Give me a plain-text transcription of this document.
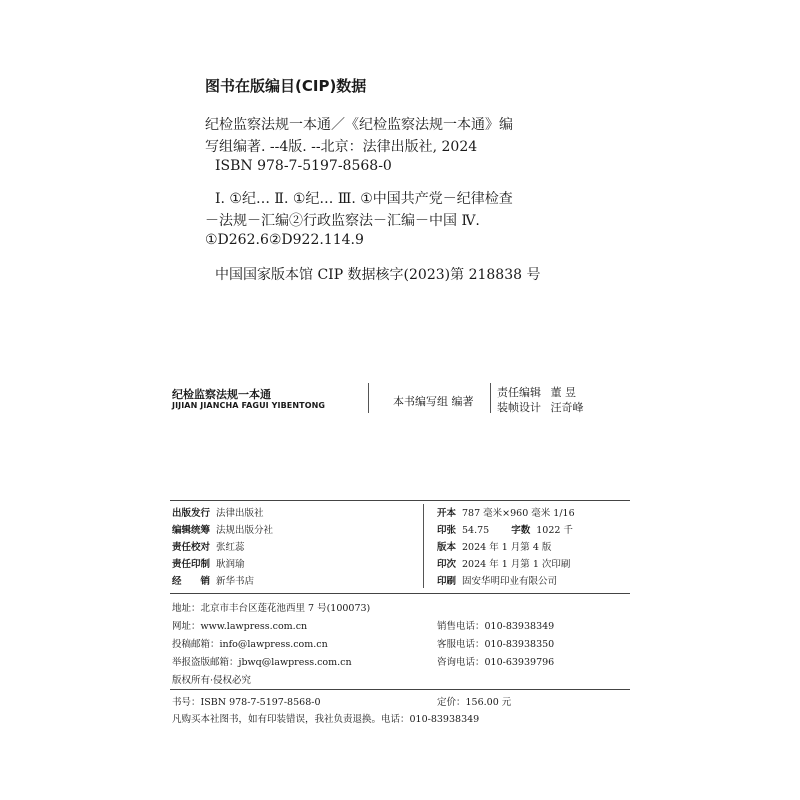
图书在版编目(CIP)数据
纪检监察法规一本通／《纪检监察法规一本通》编
写组编著. --4版. --北京：法律出版社, 2024
ISBN 978-7-5197-8568-0
Ⅰ. ①纪… Ⅱ. ①纪… Ⅲ. ①中国共产党－纪律检查
－法规－汇编②行政监察法－汇编－中国 Ⅳ.
①D262.6②D922.114.9
中国国家版本馆 CIP 数据核字(2023)第 218838 号
纪检监察法规一本通
JIJIAN JIANCHA FAGUI YIBENTONG	本书编写组 编著
责任编辑 董 昱
装帧设计 汪奇峰
出版发行 法律出版社
编辑统筹 法规出版分社
责任校对 张红蕊
责任印制 耿润瑜
经　　销 新华书店
开本 787 毫米×960 毫米 1/16
印张 54.75 字数 1022 千
版本 2024 年 1 月第 4 版
印次 2024 年 1 月第 1 次印刷
印刷 固安华明印业有限公司
地址：北京市丰台区莲花池西里 7 号(100073)
网址：www.lawpress.com.cn
投稿邮箱：info@lawpress.com.cn
举报盗版邮箱：jbwq@lawpress.com.cn
版权所有·侵权必究
销售电话：010-83938349
客服电话：010-83938350
咨询电话：010-63939796
书号：ISBN 978-7-5197-8568-0	定价：156.00 元
凡购买本社图书，如有印装错误，我社负责退换。电话：010-83938349
